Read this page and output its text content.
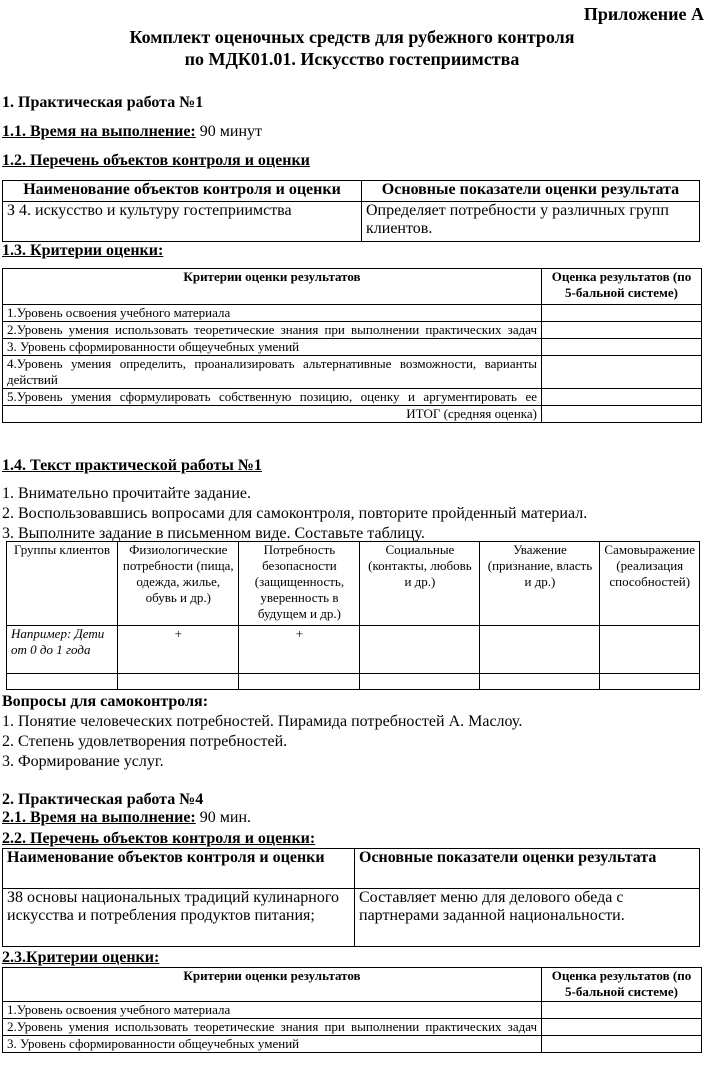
Приложение А
Комплект оценочных средств для рубежного контроля
по МДК01.01. Искусство гостеприимства
1. Практическая работа №1
1.1. Время на выполнение: 90 минут
1.2. Перечень объектов контроля и оценки
Наименование объектов контроля и оценки	Основные показатели оценки результата
З 4. искусство и культуру гостеприимства	Определяет потребности у различных групп клиентов.
1.3. Критерии оценки:
Критерии оценки результатов	Оценка результатов (по 5-бальной системе)
1.Уровень освоения учебного материала	
2.Уровень умения использовать теоретические знания при выполнении практических задач	
3. Уровень сформированности общеучебных умений	
4.Уровень умения определить, проанализировать альтернативные возможности, варианты действий	
5.Уровень умения сформулировать собственную позицию, оценку и аргументировать ее	
ИТОГ (средняя оценка)	
1.4. Текст практической работы №1
1. Внимательно прочитайте задание.
2. Воспользовавшись вопросами для самоконтроля, повторите пройденный материал.
3. Выполните задание в письменном виде. Составьте таблицу.
Группы клиентов	Физиологические потребности (пища, одежда, жилье, обувь и др.)	Потребность безопасности (защищенность, уверенность в будущем и др.)	Социальные (контакты, любовь и др.)	Уважение (признание, власть и др.)	Самовыражение (реализация способностей)
Например: Дети от 0 до 1 года	+	+			

Вопросы для самоконтроля:
1. Понятие человеческих потребностей. Пирамида потребностей А. Маслоу.
2. Степень удовлетворения потребностей.
3. Формирование услуг.
2. Практическая работа №4
2.1. Время на выполнение: 90 мин.
2.2. Перечень объектов контроля и оценки:
Наименование объектов контроля и оценки	Основные показатели оценки результата
З8 основы национальных традиций кулинарного искусства и потребления продуктов питания;	Составляет меню для делового обеда с партнерами заданной национальности.
2.3.Критерии оценки:
Критерии оценки результатов	Оценка результатов (по 5-бальной системе)
1.Уровень освоения учебного материала	
2.Уровень умения использовать теоретические знания при выполнении практических задач	
3. Уровень сформированности общеучебных умений	
